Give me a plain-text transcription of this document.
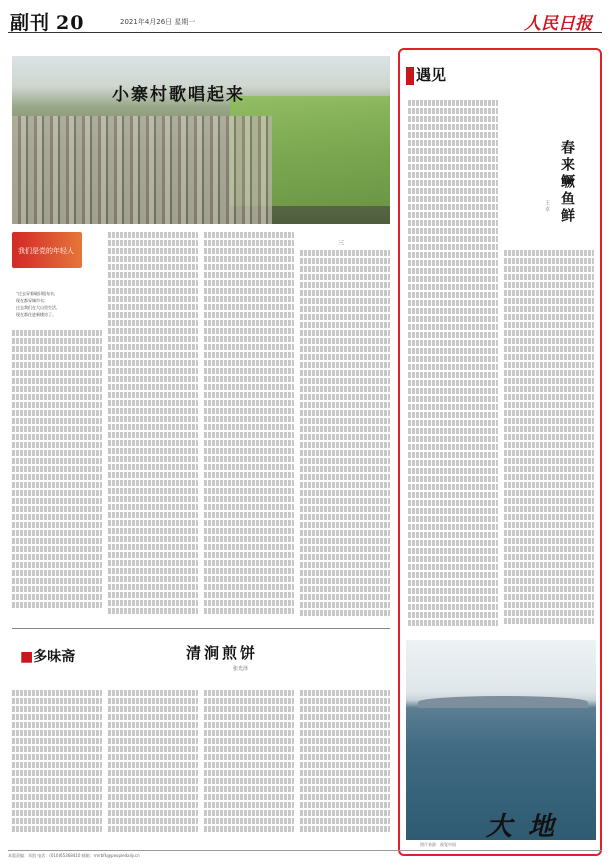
副刊 20	2021年4月26日 星期一	人民日报
小寨村歌唱起来
我们是党的年轻人
“过去穿着破旧粗布衣，
现在都穿城市衣；
过去我们在大山里生活，
现在都住进新楼房了。
三
■多味斋	清涧煎饼
张光泽
遇见
春来鳜鱼鲜
王 卓
图片来源：视觉中国
大地
本版责编：邓凯 电话：(010)65368410 邮箱：rmrbfk@peopledaily.cn
